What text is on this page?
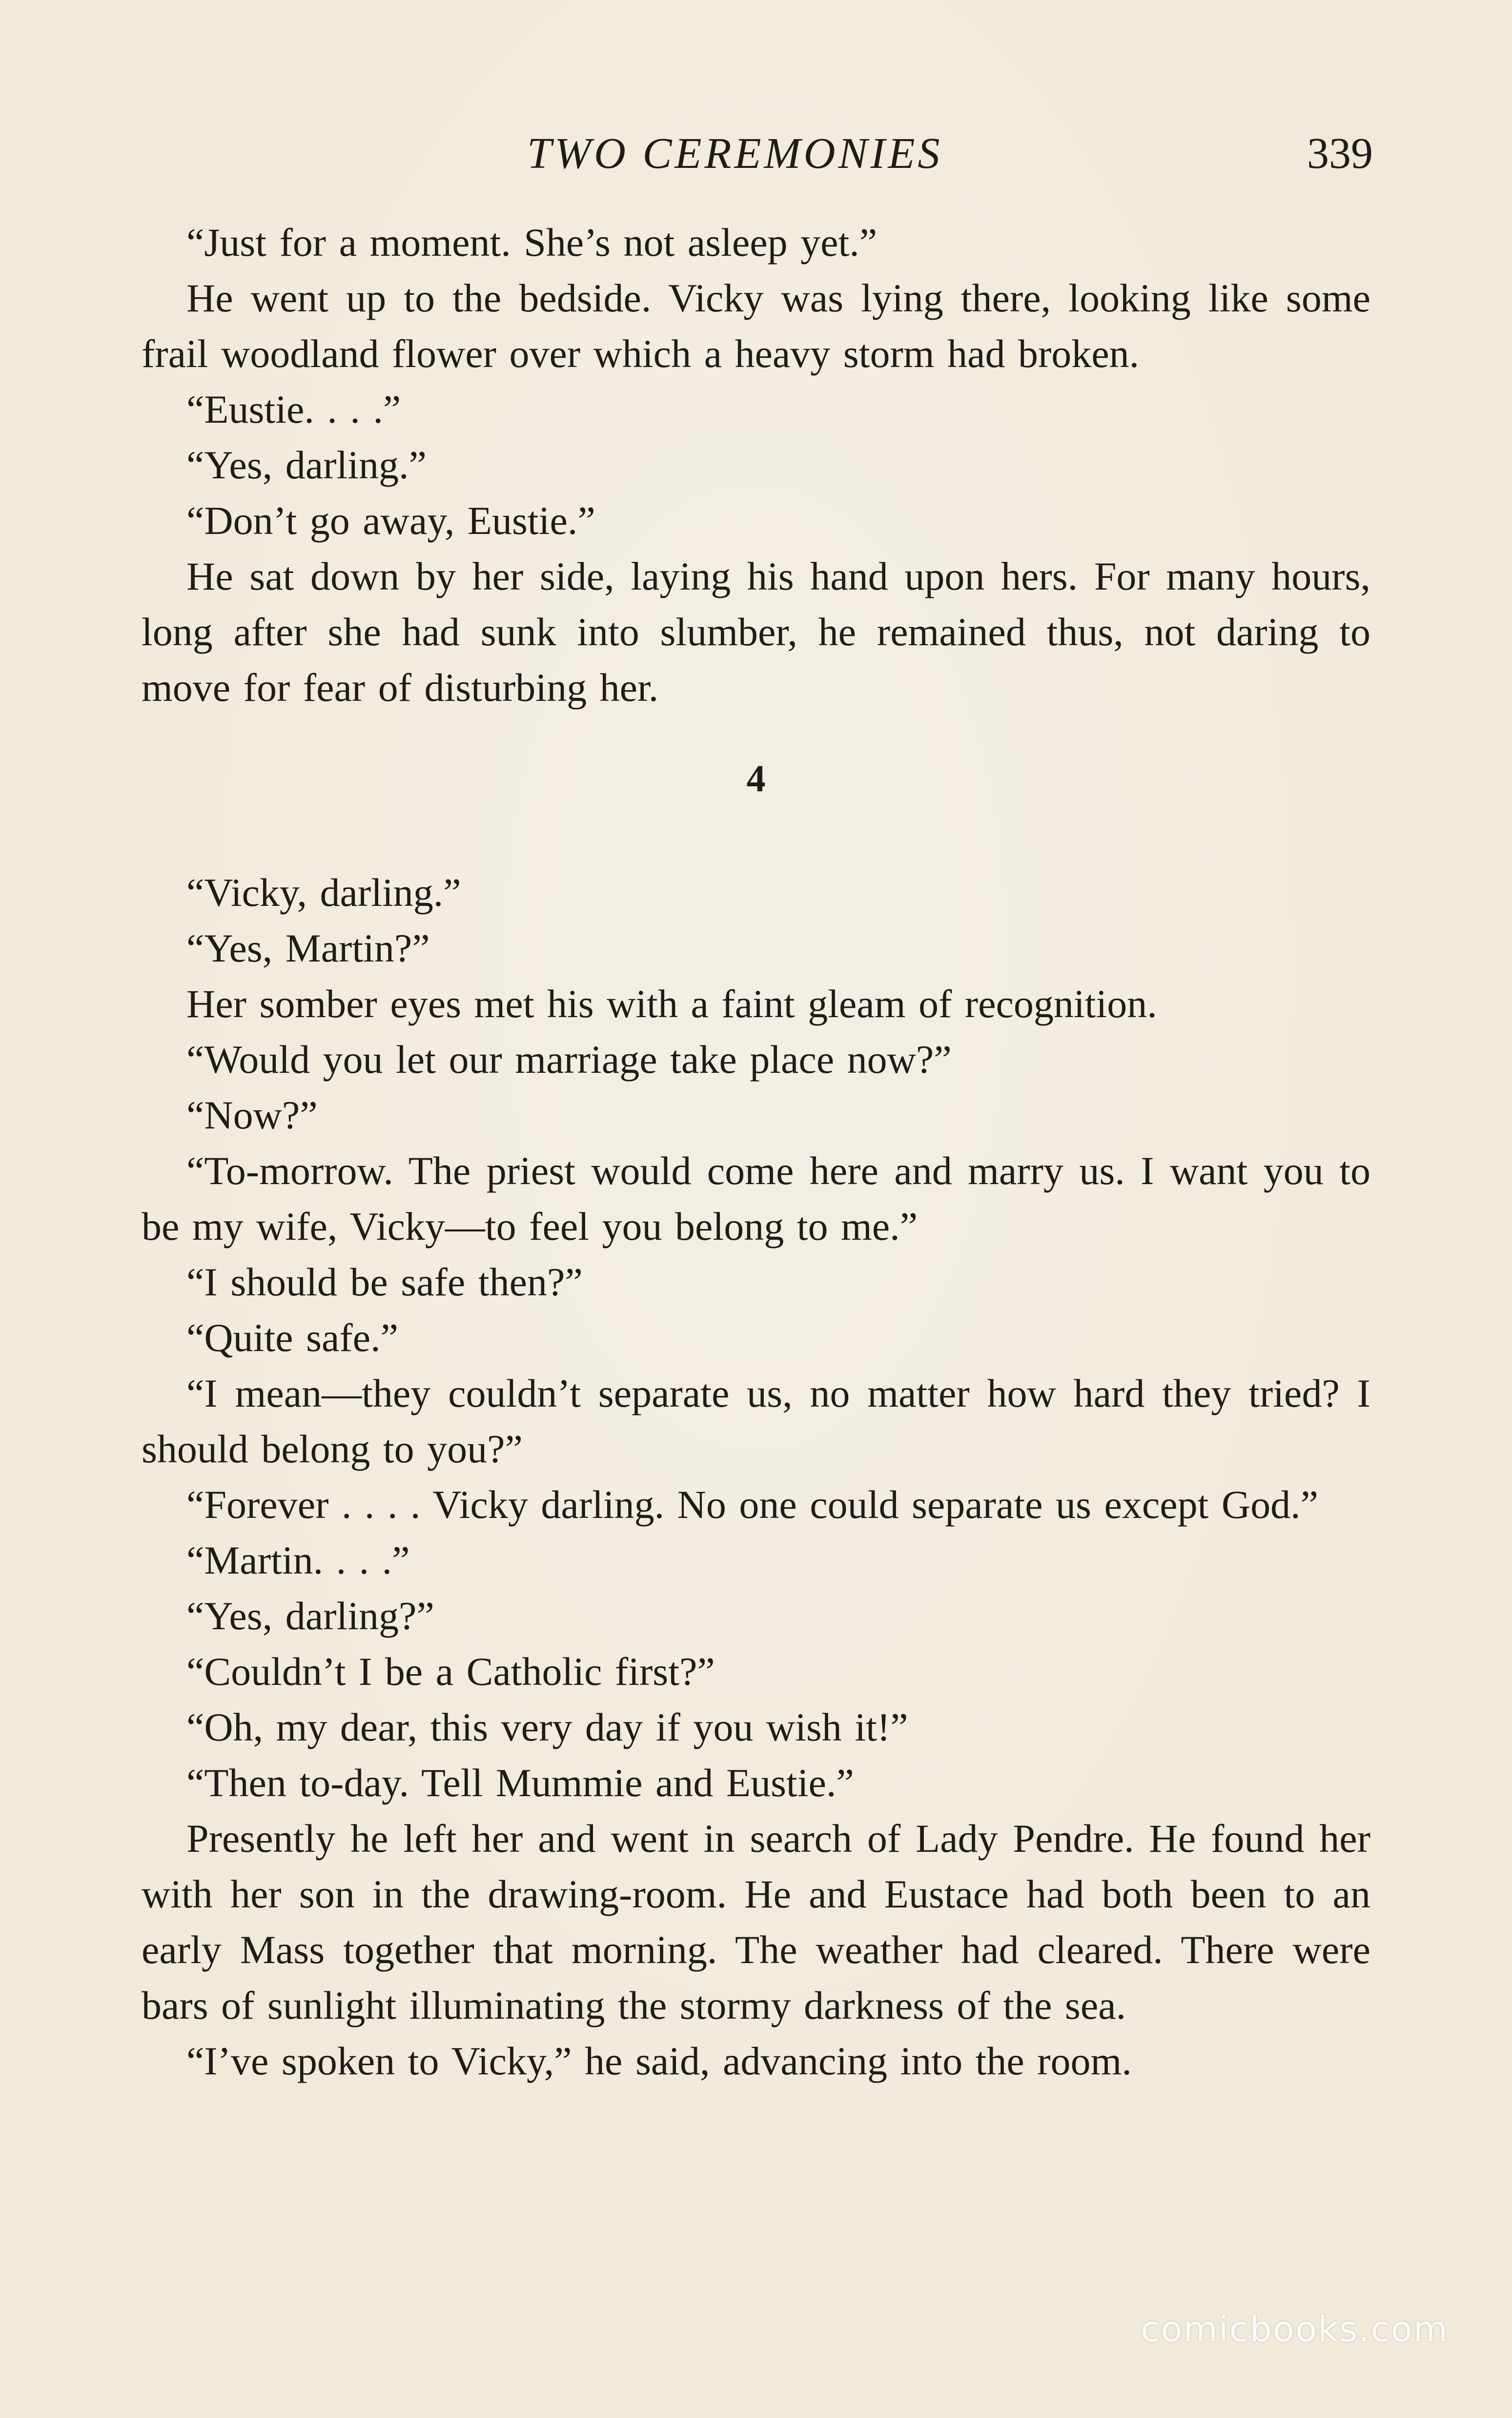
TWO CEREMONIES	339

“Just for a moment. She’s not asleep yet.”

He went up to the bedside. Vicky was lying there, looking like some frail woodland flower over which a heavy storm had broken.

“Eustie. . . .”

“Yes, darling.”

“Don’t go away, Eustie.”

He sat down by her side, laying his hand upon hers. For many hours, long after she had sunk into slumber, he remained thus, not daring to move for fear of disturbing her.

4

“Vicky, darling.”

“Yes, Martin?”

Her somber eyes met his with a faint gleam of recognition.

“Would you let our marriage take place now?”

“Now?”

“To-morrow. The priest would come here and marry us. I want you to be my wife, Vicky—to feel you belong to me.”

“I should be safe then?”

“Quite safe.”

“I mean—they couldn’t separate us, no matter how hard they tried? I should belong to you?”

“Forever . . . . Vicky darling. No one could separate us except God.”

“Martin. . . .”

“Yes, darling?”

“Couldn’t I be a Catholic first?”

“Oh, my dear, this very day if you wish it!”

“Then to-day. Tell Mummie and Eustie.”

Presently he left her and went in search of Lady Pendre. He found her with her son in the drawing-room. He and Eustace had both been to an early Mass together that morning. The weather had cleared. There were bars of sunlight illuminating the stormy darkness of the sea.

“I’ve spoken to Vicky,” he said, advancing into the room.

comicbooks.com
